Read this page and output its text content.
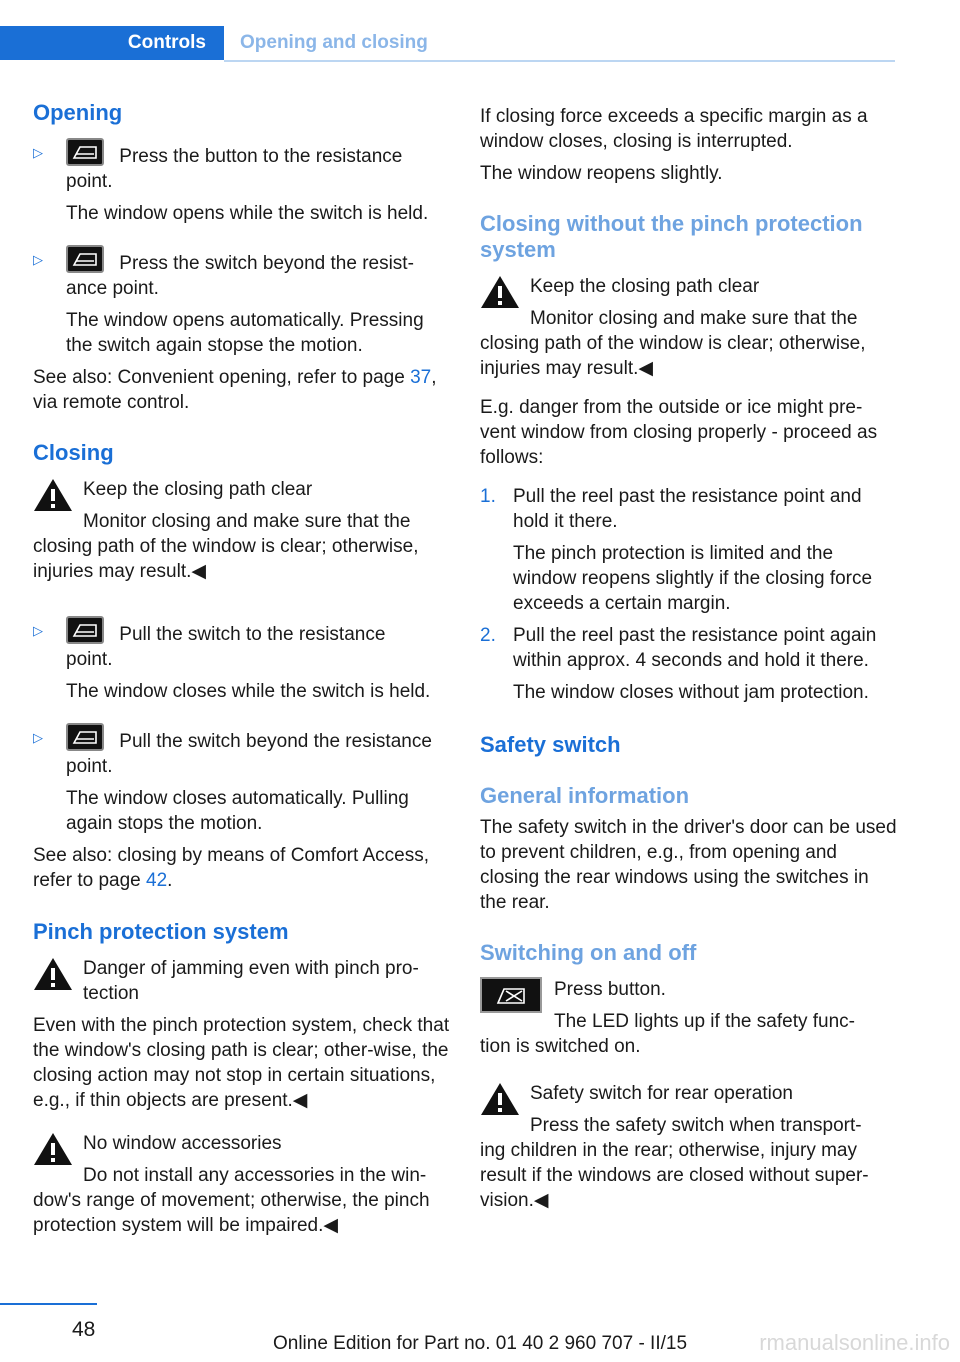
Controls	Opening and closing
Opening
▷	Press the button to the resistance
point.

The window opens while the switch is held.

▷	Press the switch beyond the resist-
ance point.

The window opens automatically. Pressing the switch again stopse the motion.

See also: Convenient opening, refer to page 37, via remote control.

Closing

Keep the closing path clear

Monitor closing and make sure that the

closing path of the window is clear; otherwise, injuries may result.◀

▷	Pull the switch to the resistance
point.

The window closes while the switch is held.

▷	Pull the switch beyond the resistance
point.

The window closes automatically. Pulling again stops the motion.

See also: closing by means of Comfort Access, refer to page 42.

Pinch protection system

Danger of jamming even with pinch pro-

tection

Even with the pinch protection system, check that the window's closing path is clear; other-wise, the closing action may not stop in certain situations, e.g., if thin objects are present.◀

No window accessories

Do not install any accessories in the win-

dow's range of movement; otherwise, the pinch protection system will be impaired.◀

If closing force exceeds a specific margin as a window closes, closing is interrupted.

The window reopens slightly.

Closing without the pinch protection system

Keep the closing path clear

Monitor closing and make sure that the

closing path of the window is clear; otherwise, injuries may result.◀

E.g. danger from the outside or ice might pre-vent window from closing properly - proceed as follows:

1. Pull the reel past the resistance point and hold it there.

The pinch protection is limited and the window reopens slightly if the closing force exceeds a certain margin.

2. Pull the reel past the resistance point again within approx. 4 seconds and hold it there.

The window closes without jam protection.

Safety switch
General information

The safety switch in the driver's door can be used to prevent children, e.g., from opening and closing the rear windows using the switches in the rear.

Switching on and off

Press button.

The LED lights up if the safety func-

tion is switched on.

Safety switch for rear operation

Press the safety switch when transport-

ing children in the rear; otherwise, injury may result if the windows are closed without super-vision.◀

48
Online Edition for Part no. 01 40 2 960 707 - II/15	rmanualsonline.info
